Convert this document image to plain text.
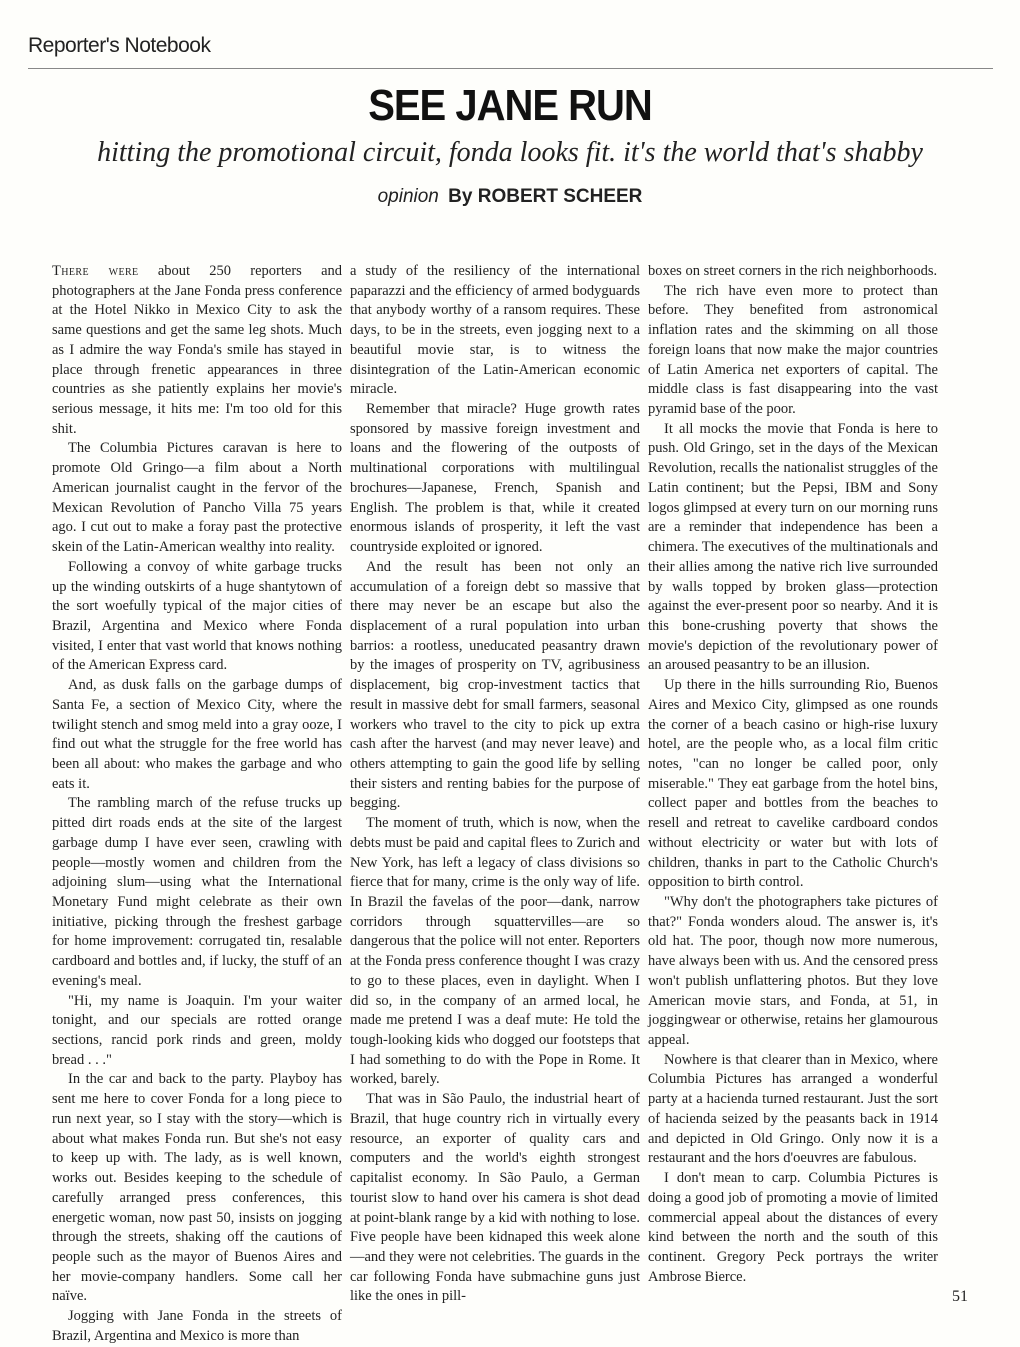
Reporter's Notebook
SEE JANE RUN
hitting the promotional circuit, fonda looks fit. it's the world that's shabby
opinion By ROBERT SCHEER

There were about 250 reporters and photographers at the Jane Fonda press conference at the Hotel Nikko in Mexico City to ask the same questions and get the same leg shots. Much as I admire the way Fonda's smile has stayed in place through frenetic appearances in three countries as she patiently explains her movie's serious message, it hits me: I'm too old for this shit.

The Columbia Pictures caravan is here to promote Old Gringo—a film about a North American journalist caught in the fervor of the Mexican Revolution of Pancho Villa 75 years ago. I cut out to make a foray past the protective skein of the Latin-American wealthy into reality.

Following a convoy of white garbage trucks up the winding outskirts of a huge shantytown of the sort woefully typical of the major cities of Brazil, Argentina and Mexico where Fonda visited, I enter that vast world that knows nothing of the American Express card.

And, as dusk falls on the garbage dumps of Santa Fe, a section of Mexico City, where the twilight stench and smog meld into a gray ooze, I find out what the struggle for the free world has been all about: who makes the garbage and who eats it.

The rambling march of the refuse trucks up pitted dirt roads ends at the site of the largest garbage dump I have ever seen, crawling with people—mostly women and children from the adjoining slum—using what the International Monetary Fund might celebrate as their own initiative, picking through the freshest garbage for home improvement: corrugated tin, resalable cardboard and bottles and, if lucky, the stuff of an evening's meal.

"Hi, my name is Joaquin. I'm your waiter tonight, and our specials are rotted orange sections, rancid pork rinds and green, moldy bread . . ."

In the car and back to the party. Playboy has sent me here to cover Fonda for a long piece to run next year, so I stay with the story—which is about what makes Fonda run. But she's not easy to keep up with. The lady, as is well known, works out. Besides keeping to the schedule of carefully arranged press conferences, this energetic woman, now past 50, insists on jogging through the streets, shaking off the cautions of people such as the mayor of Buenos Aires and her movie-company handlers. Some call her naïve.

Jogging with Jane Fonda in the streets of Brazil, Argentina and Mexico is more than

a study of the resiliency of the international paparazzi and the efficiency of armed bodyguards that anybody worthy of a ransom requires. These days, to be in the streets, even jogging next to a beautiful movie star, is to witness the disintegration of the Latin-American economic miracle.

Remember that miracle? Huge growth rates sponsored by massive foreign investment and loans and the flowering of the outposts of multinational corporations with multilingual brochures—Japanese, French, Spanish and English. The problem is that, while it created enormous islands of prosperity, it left the vast countryside exploited or ignored.

And the result has been not only an accumulation of a foreign debt so massive that there may never be an escape but also the displacement of a rural population into urban barrios: a rootless, uneducated peasantry drawn by the images of prosperity on TV, agribusiness displacement, big crop-investment tactics that result in massive debt for small farmers, seasonal workers who travel to the city to pick up extra cash after the harvest (and may never leave) and others attempting to gain the good life by selling their sisters and renting babies for the purpose of begging.

The moment of truth, which is now, when the debts must be paid and capital flees to Zurich and New York, has left a legacy of class divisions so fierce that for many, crime is the only way of life. In Brazil the favelas of the poor—dank, narrow corridors through squattervilles—are so dangerous that the police will not enter. Reporters at the Fonda press conference thought I was crazy to go to these places, even in daylight. When I did so, in the company of an armed local, he made me pretend I was a deaf mute: He told the tough-looking kids who dogged our footsteps that I had something to do with the Pope in Rome. It worked, barely.

That was in São Paulo, the industrial heart of Brazil, that huge country rich in virtually every resource, an exporter of quality cars and computers and the world's eighth strongest capitalist economy. In São Paulo, a German tourist slow to hand over his camera is shot dead at point-blank range by a kid with nothing to lose. Five people have been kidnaped this week alone—and they were not celebrities. The guards in the car following Fonda have submachine guns just like the ones in pill-

boxes on street corners in the rich neighborhoods.

The rich have even more to protect than before. They benefited from astronomical inflation rates and the skimming on all those foreign loans that now make the major countries of Latin America net exporters of capital. The middle class is fast disappearing into the vast pyramid base of the poor.

It all mocks the movie that Fonda is here to push. Old Gringo, set in the days of the Mexican Revolution, recalls the nationalist struggles of the Latin continent; but the Pepsi, IBM and Sony logos glimpsed at every turn on our morning runs are a reminder that independence has been a chimera. The executives of the multinationals and their allies among the native rich live surrounded by walls topped by broken glass—protection against the ever-present poor so nearby. And it is this bone-crushing poverty that shows the movie's depiction of the revolutionary power of an aroused peasantry to be an illusion.

Up there in the hills surrounding Rio, Buenos Aires and Mexico City, glimpsed as one rounds the corner of a beach casino or high-rise luxury hotel, are the people who, as a local film critic notes, "can no longer be called poor, only miserable." They eat garbage from the hotel bins, collect paper and bottles from the beaches to resell and retreat to cavelike cardboard condos without electricity or water but with lots of children, thanks in part to the Catholic Church's opposition to birth control.

"Why don't the photographers take pictures of that?" Fonda wonders aloud. The answer is, it's old hat. The poor, though now more numerous, have always been with us. And the censored press won't publish unflattering photos. But they love American movie stars, and Fonda, at 51, in joggingwear or otherwise, retains her glamourous appeal.

Nowhere is that clearer than in Mexico, where Columbia Pictures has arranged a wonderful party at a hacienda turned restaurant. Just the sort of hacienda seized by the peasants back in 1914 and depicted in Old Gringo. Only now it is a restaurant and the hors d'oeuvres are fabulous.

I don't mean to carp. Columbia Pictures is doing a good job of promoting a movie of limited commercial appeal about the distances of every kind between the north and the south of this continent. Gregory Peck portrays the writer Ambrose Bierce.

51
